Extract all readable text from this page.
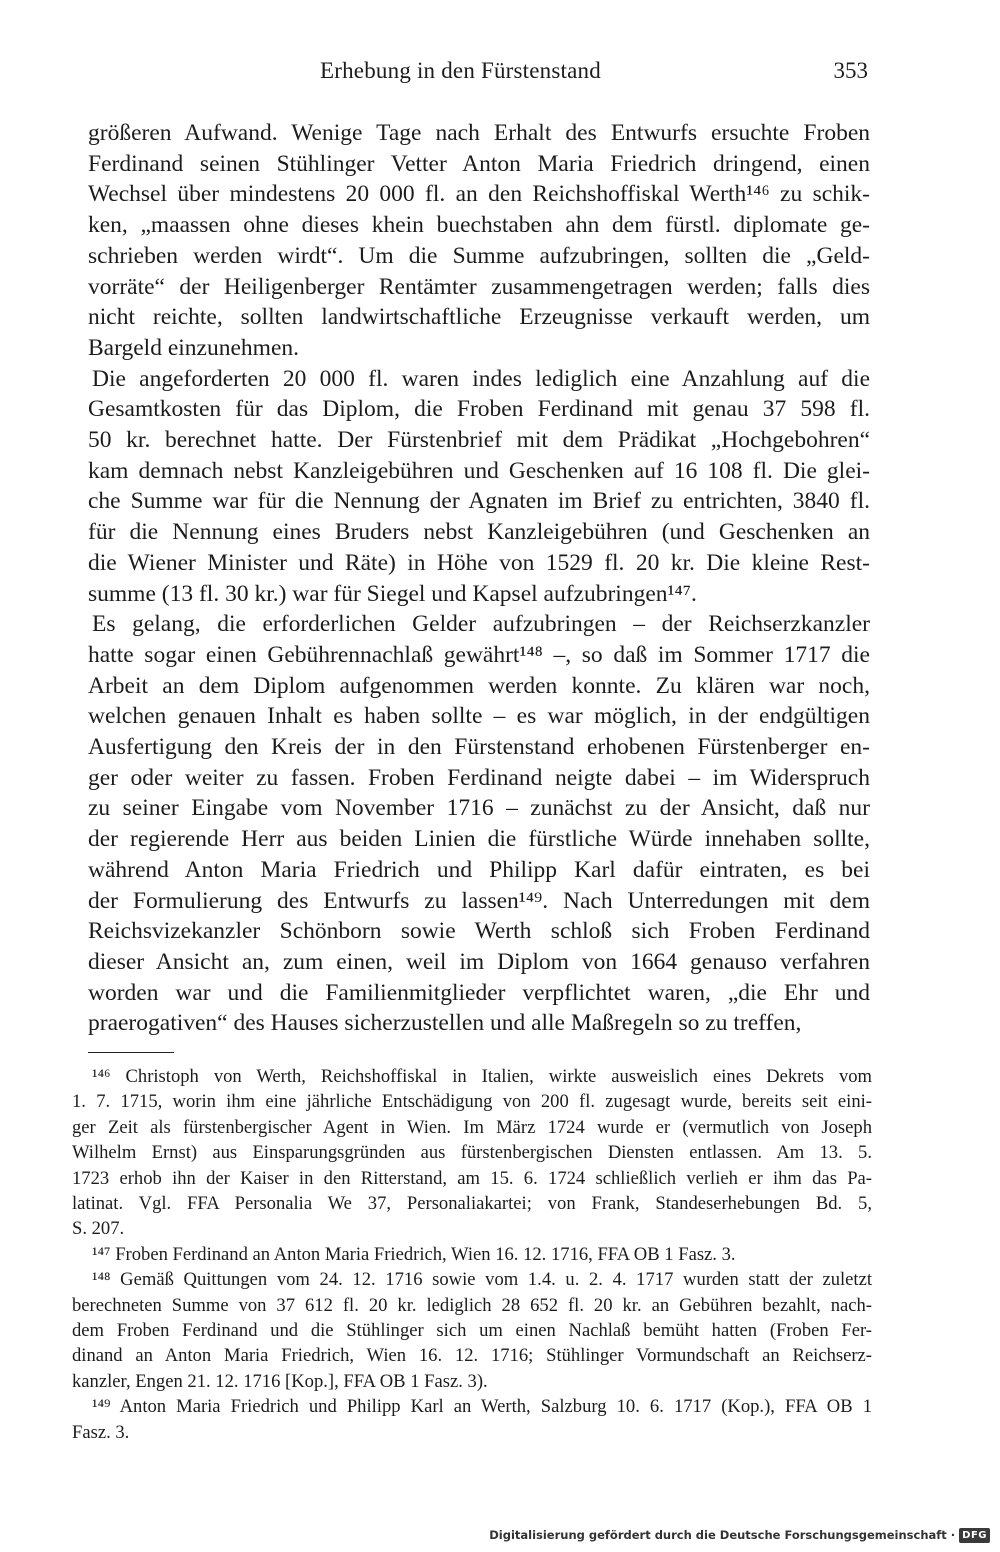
Erhebung in den Fürstenstand	353

größeren Aufwand. Wenige Tage nach Erhalt des Entwurfs ersuchte Froben

Ferdinand seinen Stühlinger Vetter Anton Maria Friedrich dringend, einen

Wechsel über mindestens 20 000 fl. an den Reichshoffiskal Werth¹⁴⁶ zu schik-

ken, „maassen ohne dieses khein buechstaben ahn dem fürstl. diplomate ge-

schrieben werden wirdt“. Um die Summe aufzubringen, sollten die „Geld-

vorräte“ der Heiligenberger Rentämter zusammengetragen werden; falls dies

nicht reichte, sollten landwirtschaftliche Erzeugnisse verkauft werden, um

Bargeld einzunehmen.

Die angeforderten 20 000 fl. waren indes lediglich eine Anzahlung auf die

Gesamtkosten für das Diplom, die Froben Ferdinand mit genau 37 598 fl.

50 kr. berechnet hatte. Der Fürstenbrief mit dem Prädikat „Hochgebohren“

kam demnach nebst Kanzleigebühren und Geschenken auf 16 108 fl. Die glei-

che Summe war für die Nennung der Agnaten im Brief zu entrichten, 3840 fl.

für die Nennung eines Bruders nebst Kanzleigebühren (und Geschenken an

die Wiener Minister und Räte) in Höhe von 1529 fl. 20 kr. Die kleine Rest-

summe (13 fl. 30 kr.) war für Siegel und Kapsel aufzubringen¹⁴⁷.

Es gelang, die erforderlichen Gelder aufzubringen – der Reichserzkanzler

hatte sogar einen Gebührennachlaß gewährt¹⁴⁸ –, so daß im Sommer 1717 die

Arbeit an dem Diplom aufgenommen werden konnte. Zu klären war noch,

welchen genauen Inhalt es haben sollte – es war möglich, in der endgültigen

Ausfertigung den Kreis der in den Fürstenstand erhobenen Fürstenberger en-

ger oder weiter zu fassen. Froben Ferdinand neigte dabei – im Widerspruch

zu seiner Eingabe vom November 1716 – zunächst zu der Ansicht, daß nur

der regierende Herr aus beiden Linien die fürstliche Würde innehaben sollte,

während Anton Maria Friedrich und Philipp Karl dafür eintraten, es bei

der Formulierung des Entwurfs zu lassen¹⁴⁹. Nach Unterredungen mit dem

Reichsvizekanzler Schönborn sowie Werth schloß sich Froben Ferdinand

dieser Ansicht an, zum einen, weil im Diplom von 1664 genauso verfahren

worden war und die Familienmitglieder verpflichtet waren, „die Ehr und

praerogativen“ des Hauses sicherzustellen und alle Maßregeln so zu treffen,

¹⁴⁶ Christoph von Werth, Reichshoffiskal in Italien, wirkte ausweislich eines Dekrets vom

1. 7. 1715, worin ihm eine jährliche Entschädigung von 200 fl. zugesagt wurde, bereits seit eini-

ger Zeit als fürstenbergischer Agent in Wien. Im März 1724 wurde er (vermutlich von Joseph

Wilhelm Ernst) aus Einsparungsgründen aus fürstenbergischen Diensten entlassen. Am 13. 5.

1723 erhob ihn der Kaiser in den Ritterstand, am 15. 6. 1724 schließlich verlieh er ihm das Pa-

latinat. Vgl. FFA Personalia We 37, Personaliakartei; von Frank, Standeserhebungen Bd. 5,

S. 207.

¹⁴⁷ Froben Ferdinand an Anton Maria Friedrich, Wien 16. 12. 1716, FFA OB 1 Fasz. 3.

¹⁴⁸ Gemäß Quittungen vom 24. 12. 1716 sowie vom 1.4. u. 2. 4. 1717 wurden statt der zuletzt

berechneten Summe von 37 612 fl. 20 kr. lediglich 28 652 fl. 20 kr. an Gebühren bezahlt, nach-

dem Froben Ferdinand und die Stühlinger sich um einen Nachlaß bemüht hatten (Froben Fer-

dinand an Anton Maria Friedrich, Wien 16. 12. 1716; Stühlinger Vormundschaft an Reichserz-

kanzler, Engen 21. 12. 1716 [Kop.], FFA OB 1 Fasz. 3).

¹⁴⁹ Anton Maria Friedrich und Philipp Karl an Werth, Salzburg 10. 6. 1717 (Kop.), FFA OB 1

Fasz. 3.

Digitalisierung gefördert durch die Deutsche Forschungsgemeinschaft · DFG
